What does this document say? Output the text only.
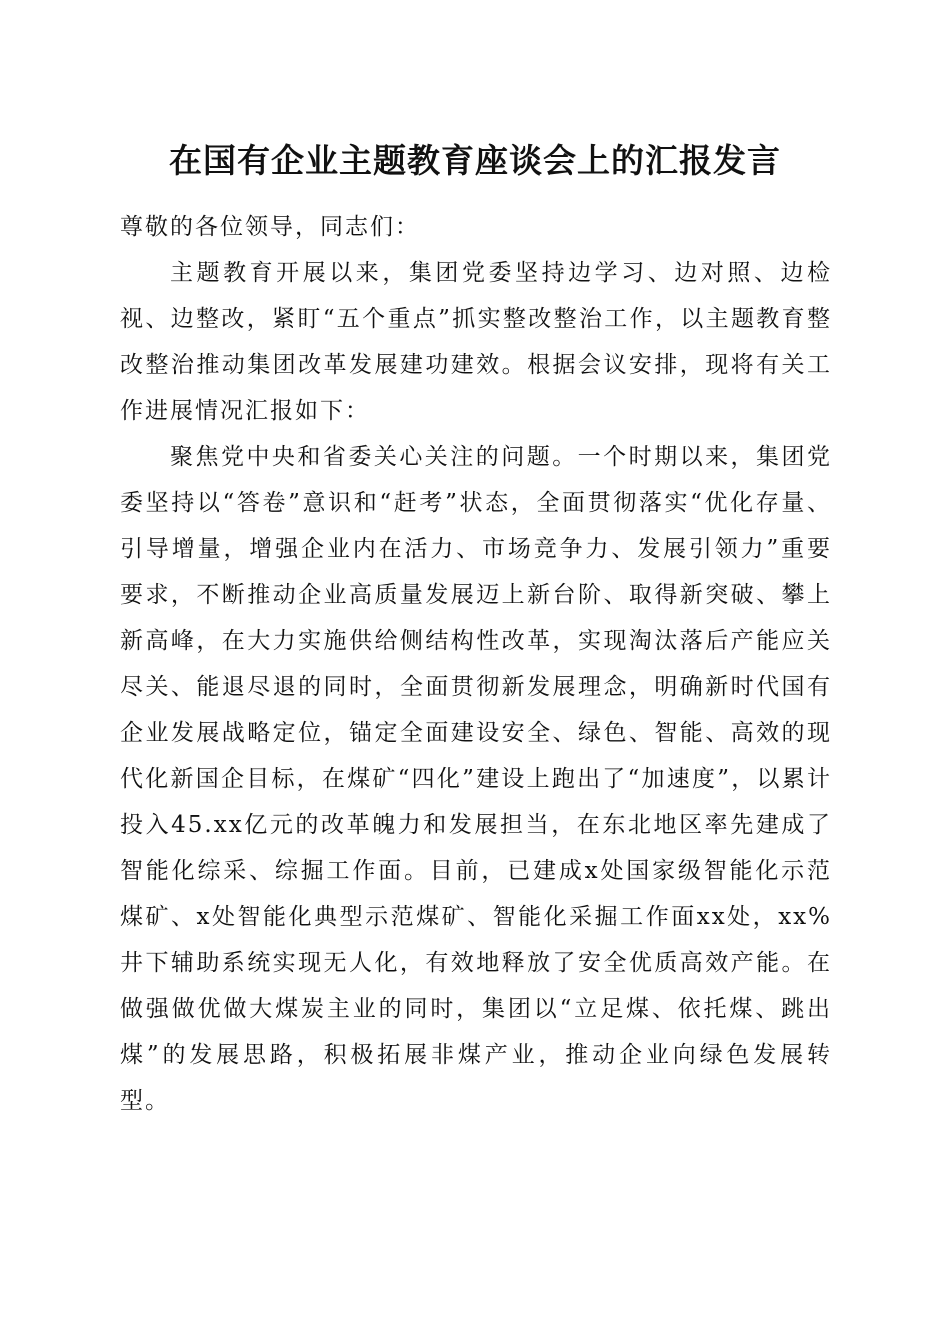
在国有企业主题教育座谈会上的汇报发言

尊敬的各位领导，同志们：

主题教育开展以来，集团党委坚持边学习、边对照、边检视、边整改，紧盯“五个重点”抓实整改整治工作，以主题教育整改整治推动集团改革发展建功建效。根据会议安排，现将有关工作进展情况汇报如下：

聚焦党中央和省委关心关注的问题。一个时期以来，集团党委坚持以“答卷”意识和“赶考”状态，全面贯彻落实“优化存量、引导增量，增强企业内在活力、市场竞争力、发展引领力”重要要求，不断推动企业高质量发展迈上新台阶、取得新突破、攀上新高峰，在大力实施供给侧结构性改革，实现淘汰落后产能应关尽关、能退尽退的同时，全面贯彻新发展理念，明确新时代国有企业发展战略定位，锚定全面建设安全、绿色、智能、高效的现代化新国企目标，在煤矿“四化”建设上跑出了“加速度”，以累计投入45.xx亿元的改革魄力和发展担当，在东北地区率先建成了智能化综采、综掘工作面。目前，已建成x处国家级智能化示范煤矿、x处智能化典型示范煤矿、智能化采掘工作面xx处，xx%井下辅助系统实现无人化，有效地释放了安全优质高效产能。在做强做优做大煤炭主业的同时，集团以“立足煤、依托煤、跳出煤”的发展思路，积极拓展非煤产业，推动企业向绿色发展转型。
